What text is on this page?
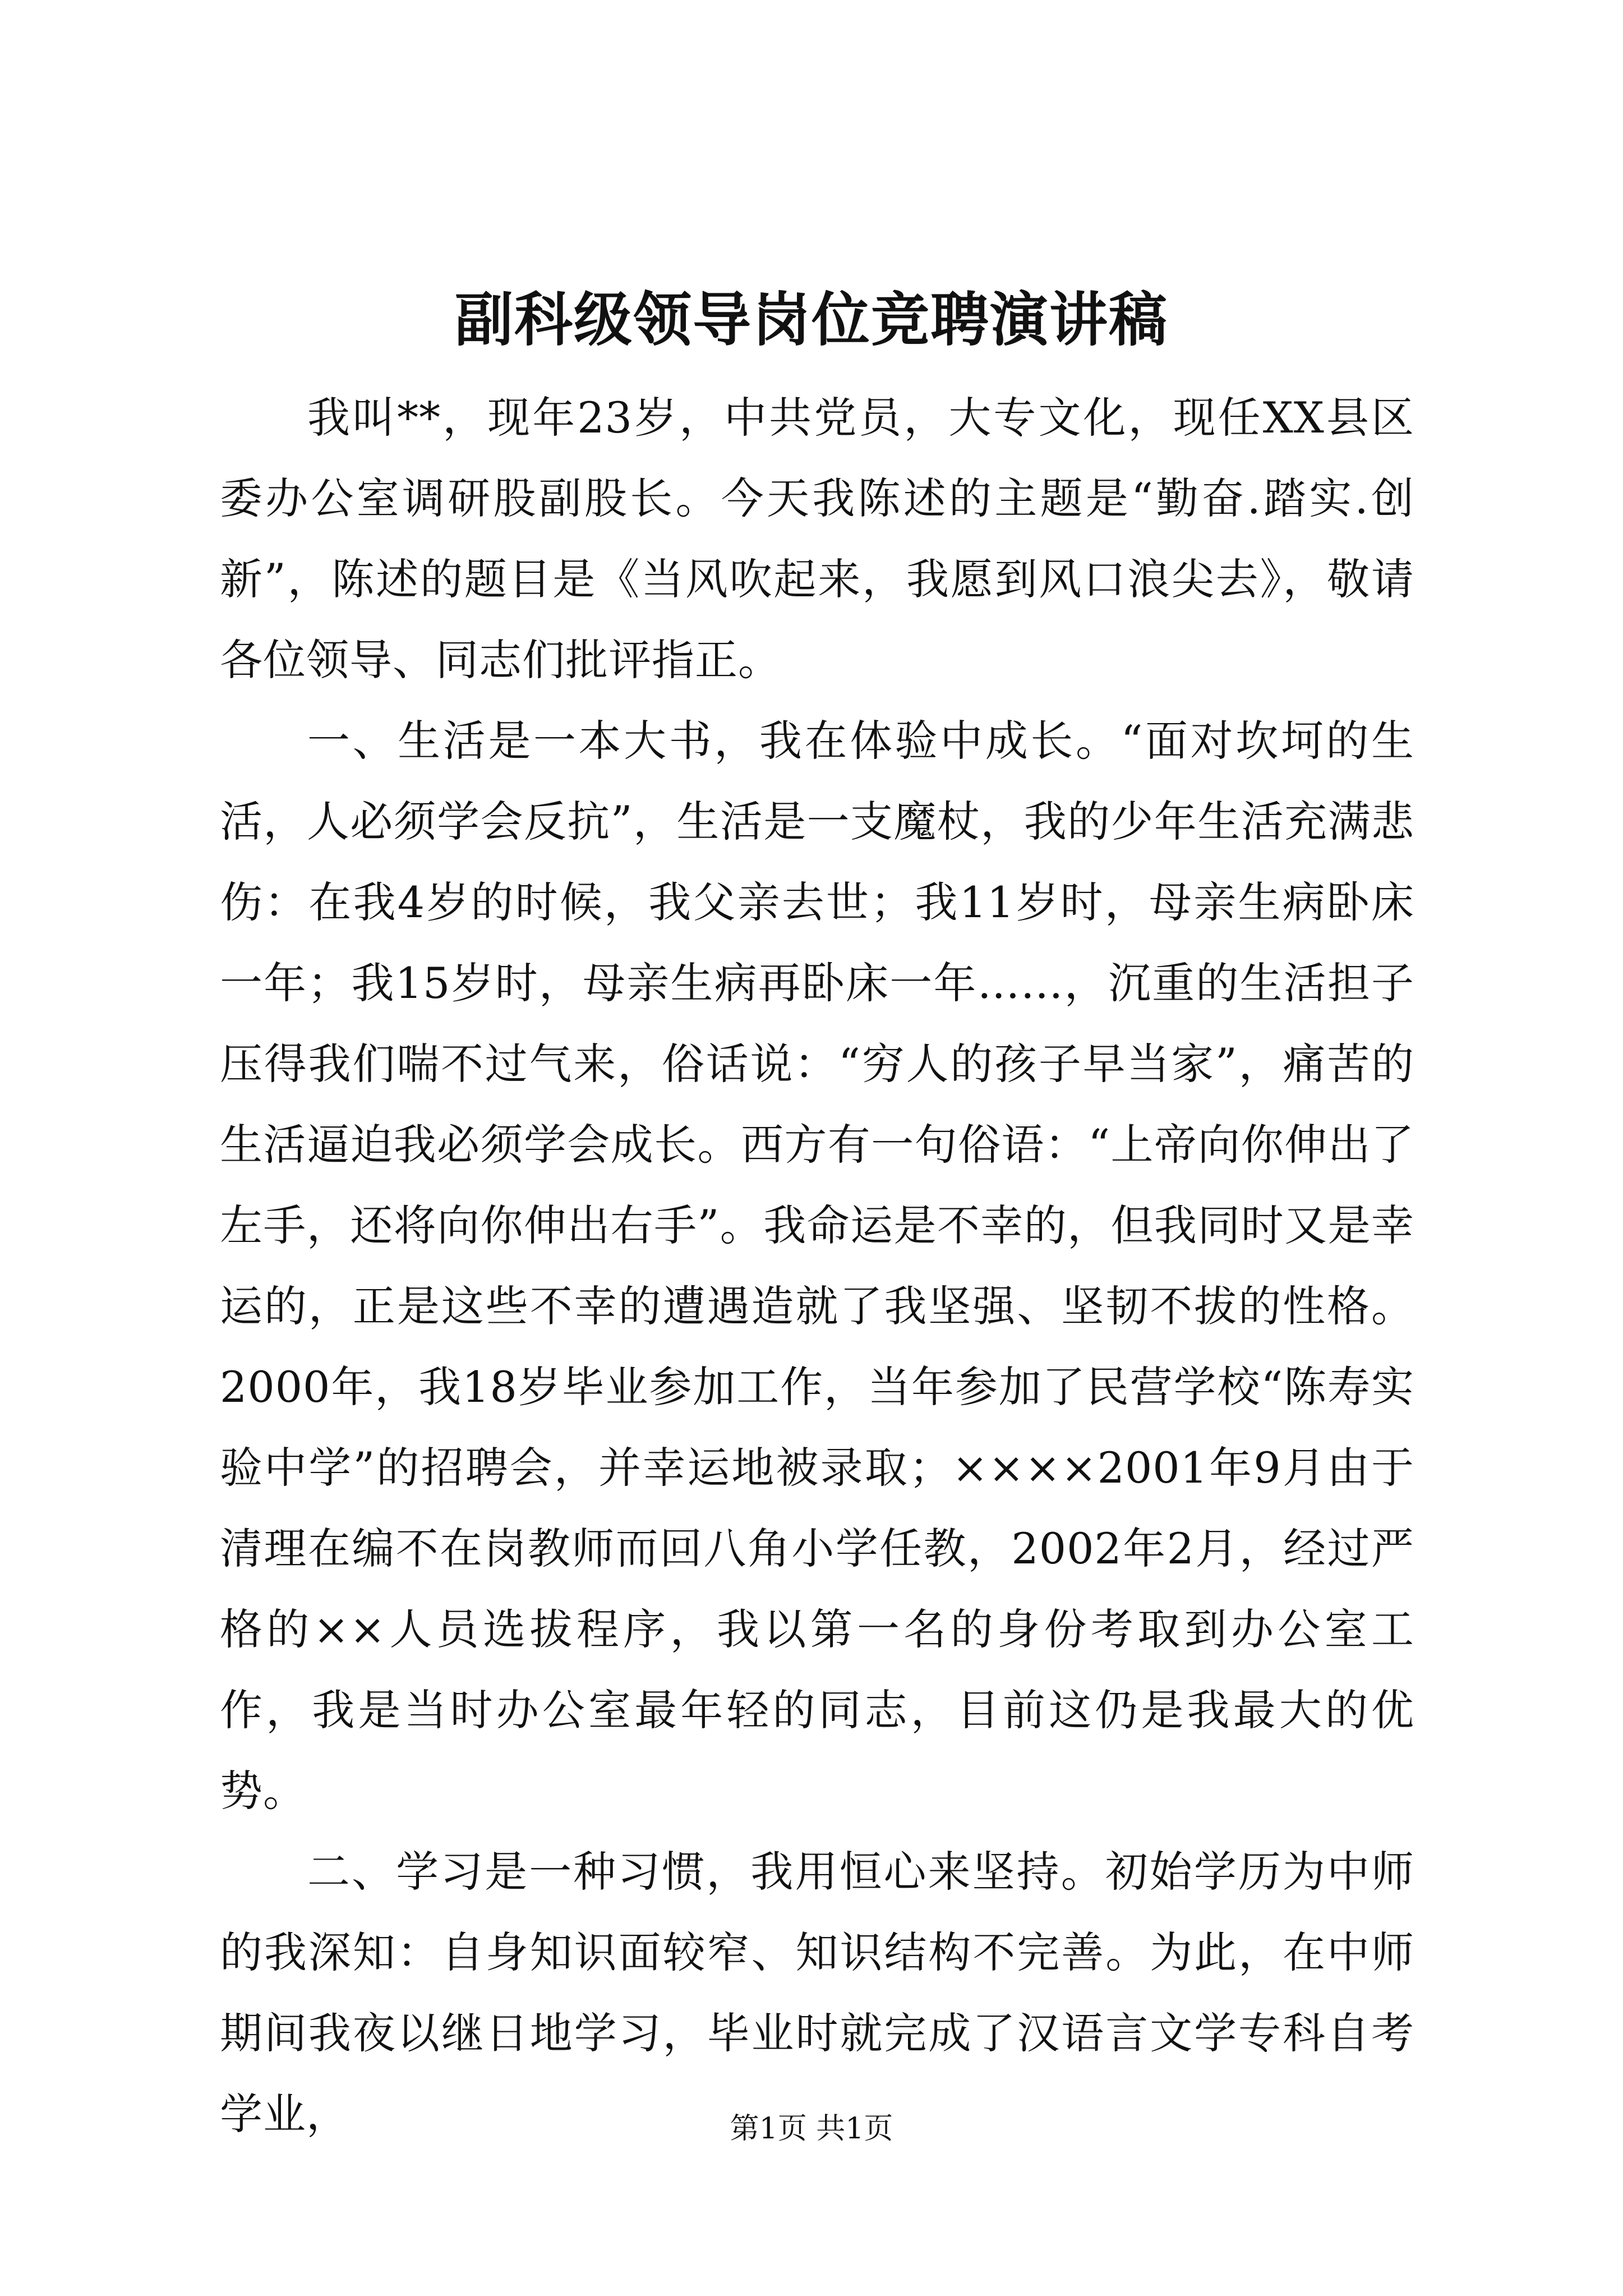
副科级领导岗位竞聘演讲稿

我叫**，现年23岁，中共党员，大专文化，现任XX县区委办公室调研股副股长。今天我陈述的主题是“勤奋.踏实.创新”，陈述的题目是《当风吹起来，我愿到风口浪尖去》，敬请各位领导、同志们批评指正。

一、生活是一本大书，我在体验中成长。“面对坎坷的生活，人必须学会反抗”，生活是一支魔杖，我的少年生活充满悲伤：在我4岁的时候，我父亲去世；我11岁时，母亲生病卧床一年；我15岁时，母亲生病再卧床一年……，沉重的生活担子压得我们喘不过气来，俗话说：“穷人的孩子早当家”，痛苦的生活逼迫我必须学会成长。西方有一句俗语：“上帝向你伸出了左手，还将向你伸出右手”。我命运是不幸的，但我同时又是幸运的，正是这些不幸的遭遇造就了我坚强、坚韧不拔的性格。2000年，我18岁毕业参加工作，当年参加了民营学校“陈寿实验中学”的招聘会，并幸运地被录取；××××2001年9月由于清理在编不在岗教师而回八角小学任教，2002年2月，经过严格的××人员选拔程序，我以第一名的身份考取到办公室工作，我是当时办公室最年轻的同志，目前这仍是我最大的优势。

二、学习是一种习惯，我用恒心来坚持。初始学历为中师的我深知：自身知识面较窄、知识结构不完善。为此，在中师期间我夜以继日地学习，毕业时就完成了汉语言文学专科自考学业，	第1页 共1页
